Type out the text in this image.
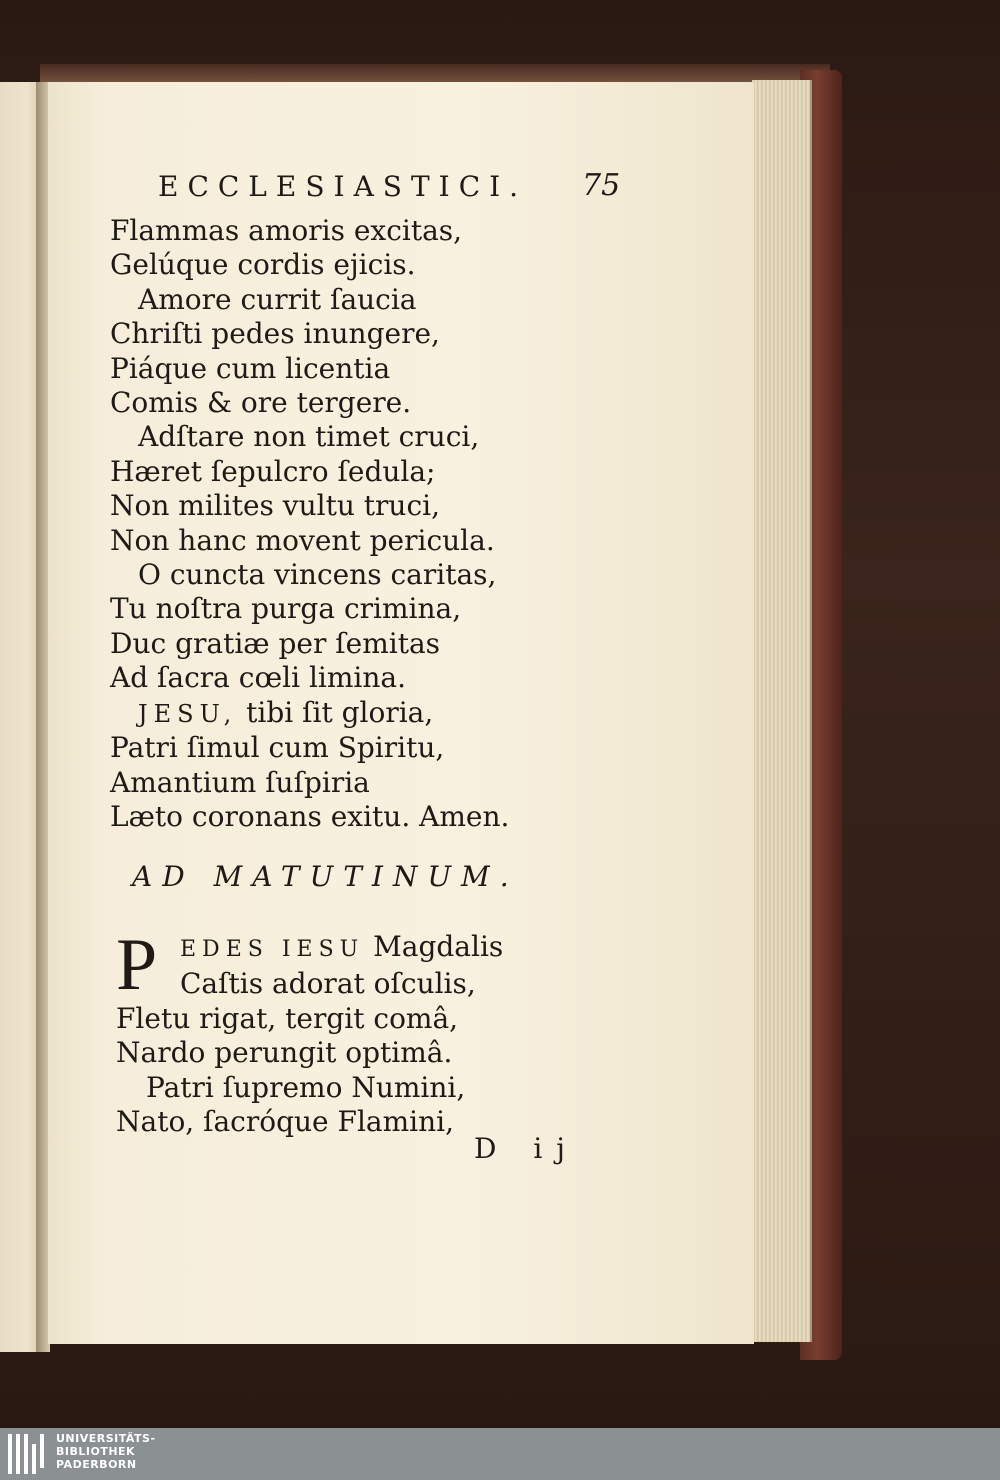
ECCLESIASTICI. 75
Flammas amoris excitas,
Gelúque cordis ejicis.
Amore currit ſaucia
Chriſti pedes inungere,
Piáque cum licentia
Comis & ore tergere.
Adſtare non timet cruci,
Hæret ſepulcro ſedula;
Non milites vultu truci,
Non hanc movent pericula.
O cuncta vincens caritas,
Tu noſtra purga crimina,
Duc gratiæ per ſemitas
Ad ſacra cœli limina.
JESU, tibi ſit gloria,
Patri ſimul cum Spiritu,
Amantium ſuſpiria
Læto coronans exitu. Amen.
AD MATUTINUM.
P	EDES IESU Magdalis
Caſtis adorat oſculis,
Fletu rigat, tergit comâ,
Nardo perungit optimâ.
Patri ſupremo Numini,
Nato, ſacróque Flamini,
D ij
UNIVERSITÄTS-
BIBLIOTHEK
PADERBORN
